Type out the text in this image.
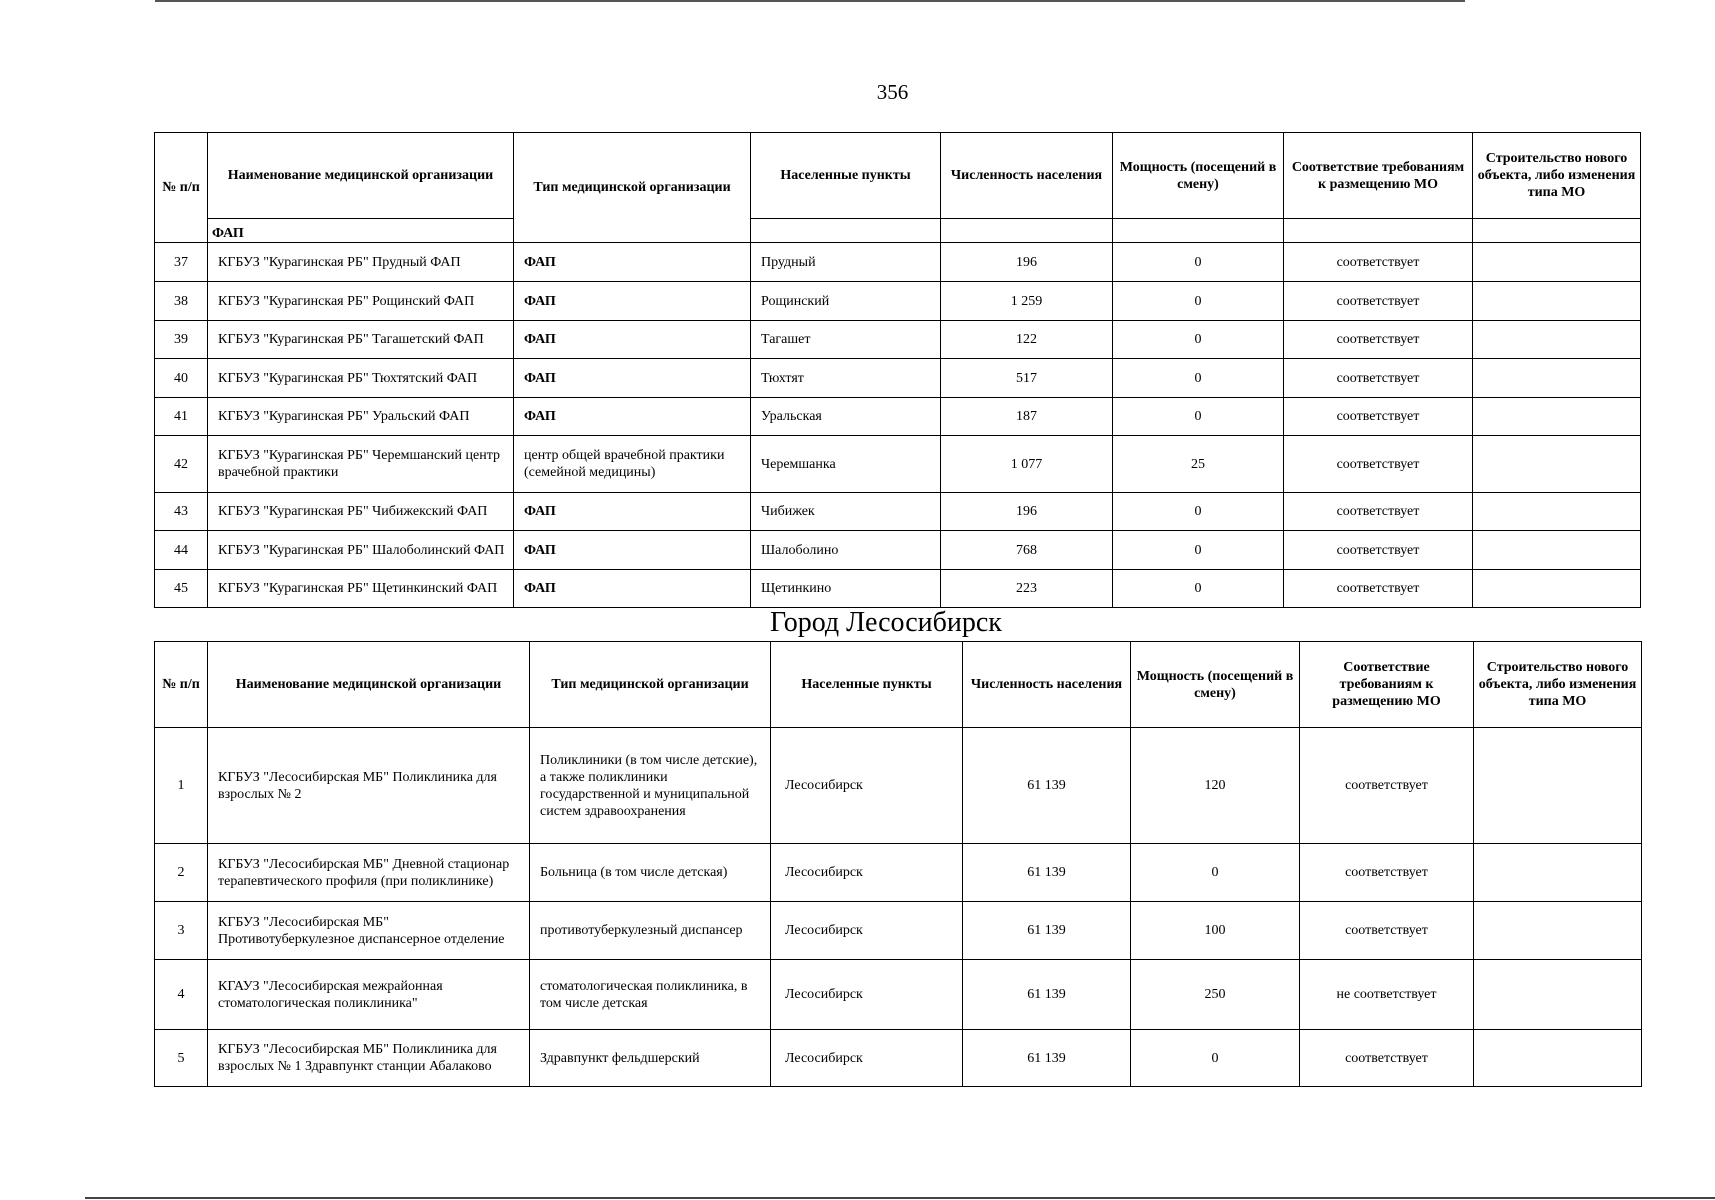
356
№ п/п	Наименование медицинской организации	Тип медицинской организации	Населенные пункты	Численность населения	Мощность (посещений в смену)	Соответствие требованиям к размещению МО	Строительство нового объекта, либо изменения типа МО
	ФАП						
37	КГБУЗ "Курагинская РБ" Прудный ФАП	ФАП	Прудный	196	0	соответствует	
38	КГБУЗ "Курагинская РБ" Рощинский ФАП	ФАП	Рощинский	1 259	0	соответствует	
39	КГБУЗ "Курагинская РБ" Тагашетский ФАП	ФАП	Тагашет	122	0	соответствует	
40	КГБУЗ "Курагинская РБ" Тюхтятский ФАП	ФАП	Тюхтят	517	0	соответствует	
41	КГБУЗ "Курагинская РБ" Уральский ФАП	ФАП	Уральская	187	0	соответствует	
42	КГБУЗ "Курагинская РБ" Черемшанский центр врачебной практики	центр общей врачебной практики (семейной медицины)	Черемшанка	1 077	25	соответствует	
43	КГБУЗ "Курагинская РБ" Чибижекский ФАП	ФАП	Чибижек	196	0	соответствует	
44	КГБУЗ "Курагинская РБ" Шалоболинский ФАП	ФАП	Шалоболино	768	0	соответствует	
45	КГБУЗ "Курагинская РБ" Щетинкинский ФАП	ФАП	Щетинкино	223	0	соответствует	
Город Лесосибирск
№ п/п	Наименование медицинской организации	Тип медицинской организации	Населенные пункты	Численность населения	Мощность (посещений в смену)	Соответствие требованиям к размещению МО	Строительство нового объекта, либо изменения типа МО
1	КГБУЗ "Лесосибирская МБ" Поликлиника для взрослых № 2	Поликлиники (в том числе детские), а также поликлиники государственной и муниципальной систем здравоохранения	Лесосибирск	61 139	120	соответствует	
2	КГБУЗ "Лесосибирская МБ" Дневной стационар терапевтического профиля (при поликлинике)	Больница (в том числе детская)	Лесосибирск	61 139	0	соответствует	
3	КГБУЗ "Лесосибирская МБ" Противотуберкулезное диспансерное отделение	противотуберкулезный диспансер	Лесосибирск	61 139	100	соответствует	
4	КГАУЗ "Лесосибирская межрайонная стоматологическая поликлиника"	стоматологическая поликлиника, в том числе детская	Лесосибирск	61 139	250	не соответствует	
5	КГБУЗ "Лесосибирская МБ" Поликлиника для взрослых № 1 Здравпункт станции Абалаково	Здравпункт фельдшерский	Лесосибирск	61 139	0	соответствует	
